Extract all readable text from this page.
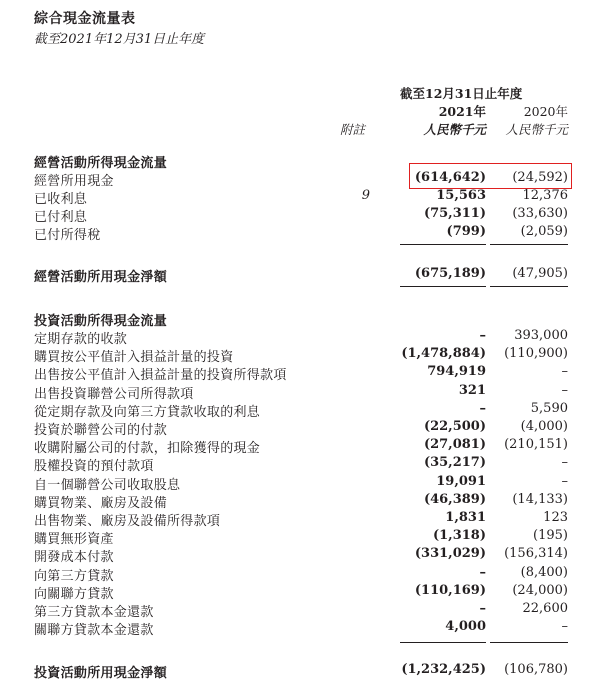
綜合現金流量表
截至2021年12月31日止年度
截至12月31日止年度
2021年	2020年
附註	人民幣千元 人民幣千元
經營活動所得現金流量
經營所用現金	(614,642) (24,592)
已收利息	9	15,563	12,376
已付利息	(75,311) (33,630)
已付所得稅	(799)	(2,059)
經營活動所用現金淨額	(675,189) (47,905)
投資活動所得現金流量
定期存款的收款	– 393,000
購買按公平值計入損益計量的投資	(1,478,884) (110,900)
出售按公平值計入損益計量的投資所得款項	794,919	–
出售投資聯營公司所得款項	321	–
從定期存款及向第三方貸款收取的利息	–	5,590
投資於聯營公司的付款	(22,500)	(4,000)
收購附屬公司的付款，扣除獲得的現金	(27,081) (210,151)
股權投資的預付款項	(35,217)	–
自一個聯營公司收取股息	19,091	–
購買物業、廠房及設備	(46,389) (14,133)
出售物業、廠房及設備所得款項	1,831	123
購買無形資產	(1,318)	(195)
開發成本付款	(331,029) (156,314)
向第三方貸款	–	(8,400)
向關聯方貸款	(110,169) (24,000)
第三方貸款本金還款	–	22,600
關聯方貸款本金還款	4,000	–
投資活動所用現金淨額	(1,232,425) (106,780)
